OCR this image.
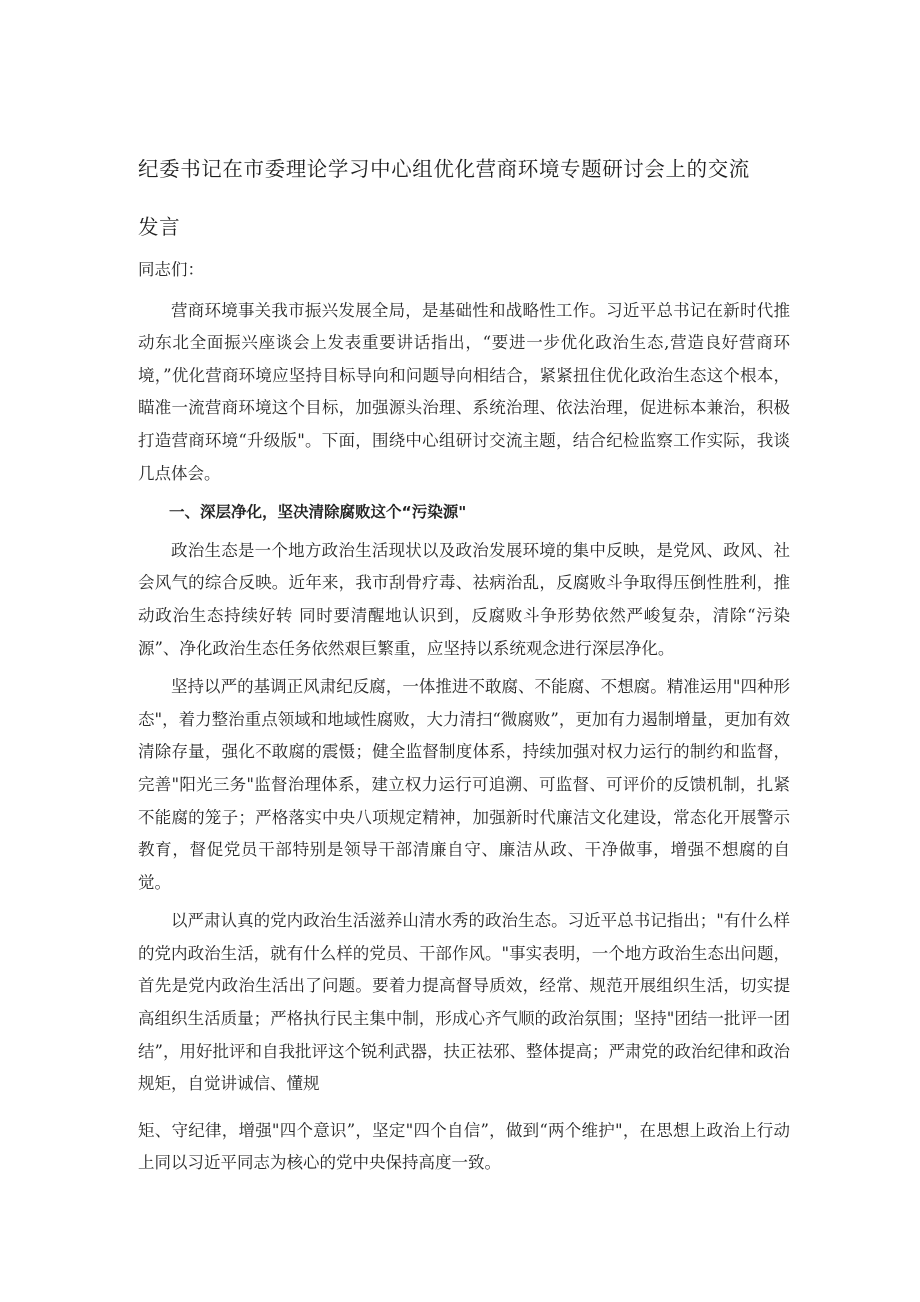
纪委书记在市委理论学习中心组优化营商环境专题研讨会上的交流
发言

同志们：

营商环境事关我市振兴发展全局，是基础性和战略性工作。习近平总书记在新时代推动东北全面振兴座谈会上发表重要讲话指出，“要进一步优化政治生态,营造良好营商环境，”优化营商环境应坚持目标导向和问题导向相结合，紧紧扭住优化政治生态这个根本，瞄准一流营商环境这个目标，加强源头治理、系统治理、依法治理，促进标本兼治，积极打造营商环境“升级版"。下面，围绕中心组研讨交流主题，结合纪检监察工作实际，我谈几点体会。

一、深层净化，坚决清除腐败这个“污染源"

政治生态是一个地方政治生活现状以及政治发展环境的集中反映，是党风、政风、社会风气的综合反映。近年来，我市刮骨疗毒、祛病治乱，反腐败斗争取得压倒性胜利，推动政治生态持续好转 同时要清醒地认识到，反腐败斗争形势依然严峻复杂，清除“污染源”、净化政治生态任务依然艰巨繁重，应坚持以系统观念进行深层净化。

坚持以严的基调正风肃纪反腐，一体推进不敢腐、不能腐、不想腐。精准运用"四种形态"，着力整治重点领域和地域性腐败，大力清扫“微腐败”，更加有力遏制增量，更加有效清除存量，强化不敢腐的震慑；健全监督制度体系，持续加强对权力运行的制约和监督，完善"阳光三务"监督治理体系，建立权力运行可追溯、可监督、可评价的反馈机制，扎紧不能腐的笼子；严格落实中央八项规定精神，加强新时代廉洁文化建设，常态化开展警示教育，督促党员干部特别是领导干部清廉自守、廉洁从政、干净做事，增强不想腐的自觉。

以严肃认真的党内政治生活滋养山清水秀的政治生态。习近平总书记指出；"有什么样的党内政治生活，就有什么样的党员、干部作风。"事实表明，一个地方政治生态出问题，首先是党内政治生活出了问题。要着力提高督导质效，经常、规范开展组织生活，切实提高组织生活质量；严格执行民主集中制，形成心齐气顺的政治氛围；坚持"团结一批评一团结”，用好批评和自我批评这个锐利武器，扶正祛邪、整体提高；严肃党的政治纪律和政治规矩，自觉讲诚信、懂规

矩、守纪律，增强"四个意识”，坚定"四个自信”，做到“两个维护"，在思想上政治上行动上同以习近平同志为核心的党中央保持高度一致。
